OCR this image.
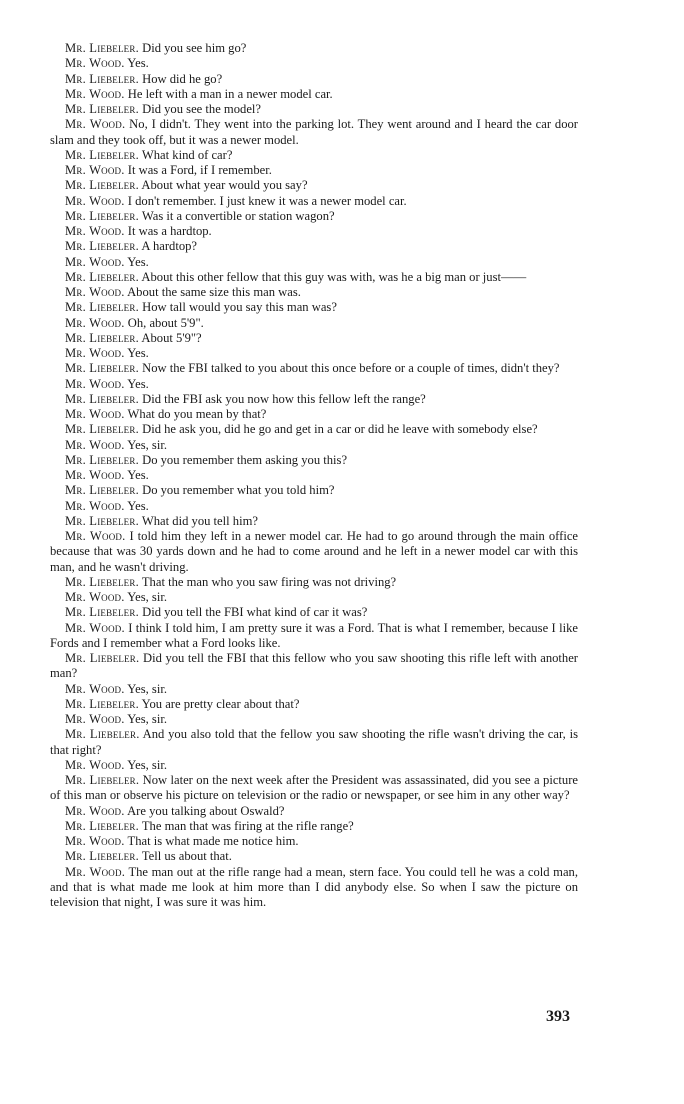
Mr. Liebeler. Did you see him go?

Mr. Wood. Yes.

Mr. Liebeler. How did he go?

Mr. Wood. He left with a man in a newer model car.

Mr. Liebeler. Did you see the model?

Mr. Wood. No, I didn't. They went into the parking lot. They went around and I heard the car door slam and they took off, but it was a newer model.

Mr. Liebeler. What kind of car?

Mr. Wood. It was a Ford, if I remember.

Mr. Liebeler. About what year would you say?

Mr. Wood. I don't remember. I just knew it was a newer model car.

Mr. Liebeler. Was it a convertible or station wagon?

Mr. Wood. It was a hardtop.

Mr. Liebeler. A hardtop?

Mr. Wood. Yes.

Mr. Liebeler. About this other fellow that this guy was with, was he a big man or just——

Mr. Wood. About the same size this man was.

Mr. Liebeler. How tall would you say this man was?

Mr. Wood. Oh, about 5'9".

Mr. Liebeler. About 5'9"?

Mr. Wood. Yes.

Mr. Liebeler. Now the FBI talked to you about this once before or a couple of times, didn't they?

Mr. Wood. Yes.

Mr. Liebeler. Did the FBI ask you now how this fellow left the range?

Mr. Wood. What do you mean by that?

Mr. Liebeler. Did he ask you, did he go and get in a car or did he leave with somebody else?

Mr. Wood. Yes, sir.

Mr. Liebeler. Do you remember them asking you this?

Mr. Wood. Yes.

Mr. Liebeler. Do you remember what you told him?

Mr. Wood. Yes.

Mr. Liebeler. What did you tell him?

Mr. Wood. I told him they left in a newer model car. He had to go around through the main office because that was 30 yards down and he had to come around and he left in a newer model car with this man, and he wasn't driving.

Mr. Liebeler. That the man who you saw firing was not driving?

Mr. Wood. Yes, sir.

Mr. Liebeler. Did you tell the FBI what kind of car it was?

Mr. Wood. I think I told him, I am pretty sure it was a Ford. That is what I remember, because I like Fords and I remember what a Ford looks like.

Mr. Liebeler. Did you tell the FBI that this fellow who you saw shooting this rifle left with another man?

Mr. Wood. Yes, sir.

Mr. Liebeler. You are pretty clear about that?

Mr. Wood. Yes, sir.

Mr. Liebeler. And you also told that the fellow you saw shooting the rifle wasn't driving the car, is that right?

Mr. Wood. Yes, sir.

Mr. Liebeler. Now later on the next week after the President was assassinated, did you see a picture of this man or observe his picture on television or the radio or newspaper, or see him in any other way?

Mr. Wood. Are you talking about Oswald?

Mr. Liebeler. The man that was firing at the rifle range?

Mr. Wood. That is what made me notice him.

Mr. Liebeler. Tell us about that.

Mr. Wood. The man out at the rifle range had a mean, stern face. You could tell he was a cold man, and that is what made me look at him more than I did anybody else. So when I saw the picture on television that night, I was sure it was him.

393
